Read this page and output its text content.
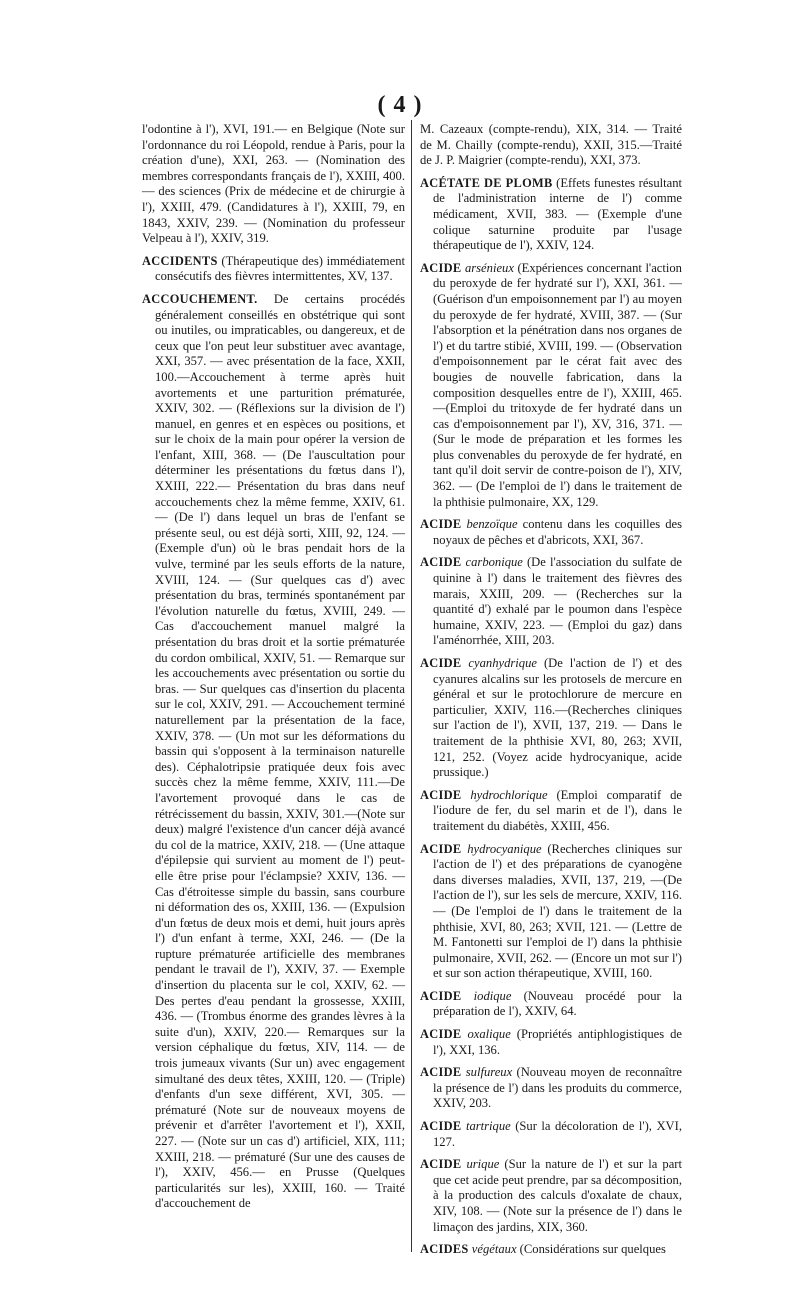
( 4 )

l'odontine à l'), XVI, 191.— en Belgique (Note sur l'ordonnance du roi Léopold, rendue à Paris, pour la création d'une), XXI, 263. — (Nomination des membres correspondants français de l'), XXIII, 400.— des sciences (Prix de médecine et de chirurgie à l'), XXIII, 479. (Candidatures à l'), XXIII, 79, en 1843, XXIV, 239. — (Nomination du professeur Velpeau à l'), XXIV, 319.

ACCIDENTS (Thérapeutique des) immédiatement consécutifs des fièvres intermittentes, XV, 137.

ACCOUCHEMENT. De certains procédés généralement conseillés en obstétrique qui sont ou inutiles, ou impraticables, ou dangereux, et de ceux que l'on peut leur substituer avec avantage, XXI, 357. — avec présentation de la face, XXII, 100.—Accouchement à terme après huit avortements et une parturition prématurée, XXIV, 302. — (Réflexions sur la division de l') manuel, en genres et en espèces ou positions, et sur le choix de la main pour opérer la version de l'enfant, XIII, 368. — (De l'auscultation pour déterminer les présentations du fœtus dans l'), XXIII, 222.— Présentation du bras dans neuf accouchements chez la même femme, XXIV, 61. — (De l') dans lequel un bras de l'enfant se présente seul, ou est déjà sorti, XIII, 92, 124. — (Exemple d'un) où le bras pendait hors de la vulve, terminé par les seuls efforts de la nature, XVIII, 124. — (Sur quelques cas d') avec présentation du bras, terminés spontanément par l'évolution naturelle du fœtus, XVIII, 249. — Cas d'accouchement manuel malgré la présentation du bras droit et la sortie prématurée du cordon ombilical, XXIV, 51. — Remarque sur les accouchements avec présentation ou sortie du bras. — Sur quelques cas d'insertion du placenta sur le col, XXIV, 291. — Accouchement terminé naturellement par la présentation de la face, XXIV, 378. — (Un mot sur les déformations du bassin qui s'opposent à la terminaison naturelle des). Céphalotripsie pratiquée deux fois avec succès chez la même femme, XXIV, 111.—De l'avortement provoqué dans le cas de rétrécissement du bassin, XXIV, 301.—(Note sur deux) malgré l'existence d'un cancer déjà avancé du col de la matrice, XXIV, 218. — (Une attaque d'épilepsie qui survient au moment de l') peut-elle être prise pour l'éclampsie? XXIV, 136. — Cas d'étroitesse simple du bassin, sans courbure ni déformation des os, XXIII, 136. — (Expulsion d'un fœtus de deux mois et demi, huit jours après l') d'un enfant à terme, XXI, 246. — (De la rupture prématurée artificielle des membranes pendant le travail de l'), XXIV, 37. — Exemple d'insertion du placenta sur le col, XXIV, 62. — Des pertes d'eau pendant la grossesse, XXIII, 436. — (Trombus énorme des grandes lèvres à la suite d'un), XXIV, 220.— Remarques sur la version céphalique du fœtus, XIV, 114. — de trois jumeaux vivants (Sur un) avec engagement simultané des deux têtes, XXIII, 120. — (Triple) d'enfants d'un sexe différent, XVI, 305. — prématuré (Note sur de nouveaux moyens de prévenir et d'arrêter l'avortement et l'), XXII, 227. — (Note sur un cas d') artificiel, XIX, 111; XXIII, 218. — prématuré (Sur une des causes de l'), XXIV, 456.— en Prusse (Quelques particularités sur les), XXIII, 160. — Traité d'accouchement de

M. Cazeaux (compte-rendu), XIX, 314. — Traité de M. Chailly (compte-rendu), XXII, 315.—Traité de J. P. Maigrier (compte-rendu), XXI, 373.

ACÉTATE DE PLOMB (Effets funestes résultant de l'administration interne de l') comme médicament, XVII, 383. — (Exemple d'une colique saturnine produite par l'usage thérapeutique de l'), XXIV, 124.

ACIDE arsénieux (Expériences concernant l'action du peroxyde de fer hydraté sur l'), XXI, 361. — (Guérison d'un empoisonnement par l') au moyen du peroxyde de fer hydraté, XVIII, 387. — (Sur l'absorption et la pénétration dans nos organes de l') et du tartre stibié, XVIII, 199. — (Observation d'empoisonnement par le cérat fait avec des bougies de nouvelle fabrication, dans la composition desquelles entre de l'), XXIII, 465.—(Emploi du tritoxyde de fer hydraté dans un cas d'empoisonnement par l'), XV, 316, 371. — (Sur le mode de préparation et les formes les plus convenables du peroxyde de fer hydraté, en tant qu'il doit servir de contre-poison de l'), XIV, 362. — (De l'emploi de l') dans le traitement de la phthisie pulmonaire, XX, 129.

ACIDE benzoïque contenu dans les coquilles des noyaux de pêches et d'abricots, XXI, 367.

ACIDE carbonique (De l'association du sulfate de quinine à l') dans le traitement des fièvres des marais, XXIII, 209. — (Recherches sur la quantité d') exhalé par le poumon dans l'espèce humaine, XXIV, 223. — (Emploi du gaz) dans l'aménorrhée, XIII, 203.

ACIDE cyanhydrique (De l'action de l') et des cyanures alcalins sur les protosels de mercure en général et sur le protochlorure de mercure en particulier, XXIV, 116.—(Recherches cliniques sur l'action de l'), XVII, 137, 219. — Dans le traitement de la phthisie XVI, 80, 263; XVII, 121, 252. (Voyez acide hydrocyanique, acide prussique.)

ACIDE hydrochlorique (Emploi comparatif de l'iodure de fer, du sel marin et de l'), dans le traitement du diabétès, XXIII, 456.

ACIDE hydrocyanique (Recherches cliniques sur l'action de l') et des préparations de cyanogène dans diverses maladies, XVII, 137, 219, —(De l'action de l'), sur les sels de mercure, XXIV, 116. — (De l'emploi de l') dans le traitement de la phthisie, XVI, 80, 263; XVII, 121. — (Lettre de M. Fantonetti sur l'emploi de l') dans la phthisie pulmonaire, XVII, 262. — (Encore un mot sur l') et sur son action thérapeutique, XVIII, 160.

ACIDE iodique (Nouveau procédé pour la préparation de l'), XXIV, 64.

ACIDE oxalique (Propriétés antiphlogistiques de l'), XXI, 136.

ACIDE sulfureux (Nouveau moyen de reconnaître la présence de l') dans les produits du commerce, XXIV, 203.

ACIDE tartrique (Sur la décoloration de l'), XVI, 127.

ACIDE urique (Sur la nature de l') et sur la part que cet acide peut prendre, par sa décomposition, à la production des calculs d'oxalate de chaux, XIV, 108. — (Note sur la présence de l') dans le limaçon des jardins, XIX, 360.

ACIDES végétaux (Considérations sur quelques
